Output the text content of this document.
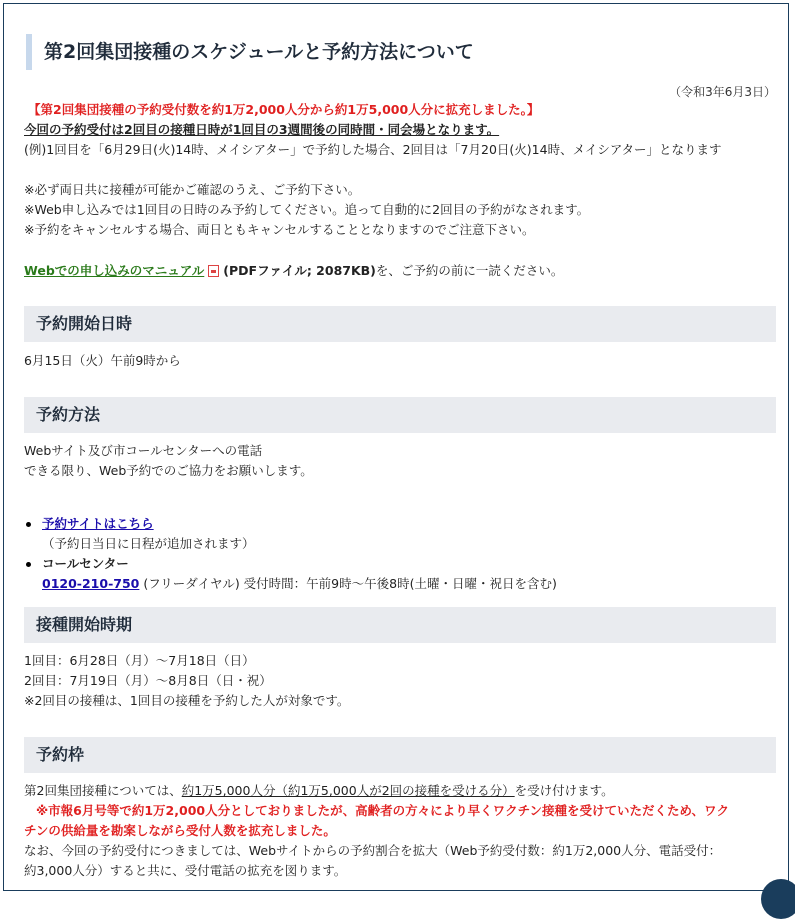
第2回集団接種のスケジュールと予約方法について
（令和3年6月3日）
【第2回集団接種の予約受付数を約1万2,000人分から約1万5,000人分に拡充しました。】
今回の予約受付は2回目の接種日時が1回目の3週間後の同時間・同会場となります。
(例)1回目を「6月29日(火)14時、メイシアター」で予約した場合、2回目は「7月20日(火)14時、メイシアター」となります
※必ず両日共に接種が可能かご確認のうえ、ご予約下さい。
※Web申し込みでは1回目の日時のみ予約してください。追って自動的に2回目の予約がなされます。
※予約をキャンセルする場合、両日ともキャンセルすることとなりますのでご注意下さい。
Webでの申し込みのマニュアル (PDFファイル; 2087KB)を、ご予約の前に一読ください。
予約開始日時
6月15日（火）午前9時から
予約方法
Webサイト及び市コールセンターへの電話
できる限り、Web予約でのご協力をお願いします。
予約サイトはこちら
（予約日当日に日程が追加されます）
コールセンター
0120-210-750 (フリーダイヤル) 受付時間：午前9時～午後8時(土曜・日曜・祝日を含む)
接種開始時期
1回目：6月28日（月）～7月18日（日）
2回目：7月19日（月）～8月8日（日・祝）
※2回目の接種は、1回目の接種を予約した人が対象です。
予約枠
第2回集団接種については、約1万5,000人分（約1万5,000人が2回の接種を受ける分）を受け付けます。
※市報6月号等で約1万2,000人分としておりましたが、高齢者の方々により早くワクチン接種を受けていただくため、ワク
チンの供給量を勘案しながら受付人数を拡充しました。
なお、今回の予約受付につきましては、Webサイトからの予約割合を拡大（Web予約受付数：約1万2,000人分、電話受付：
約3,000人分）すると共に、受付電話の拡充を図ります。
